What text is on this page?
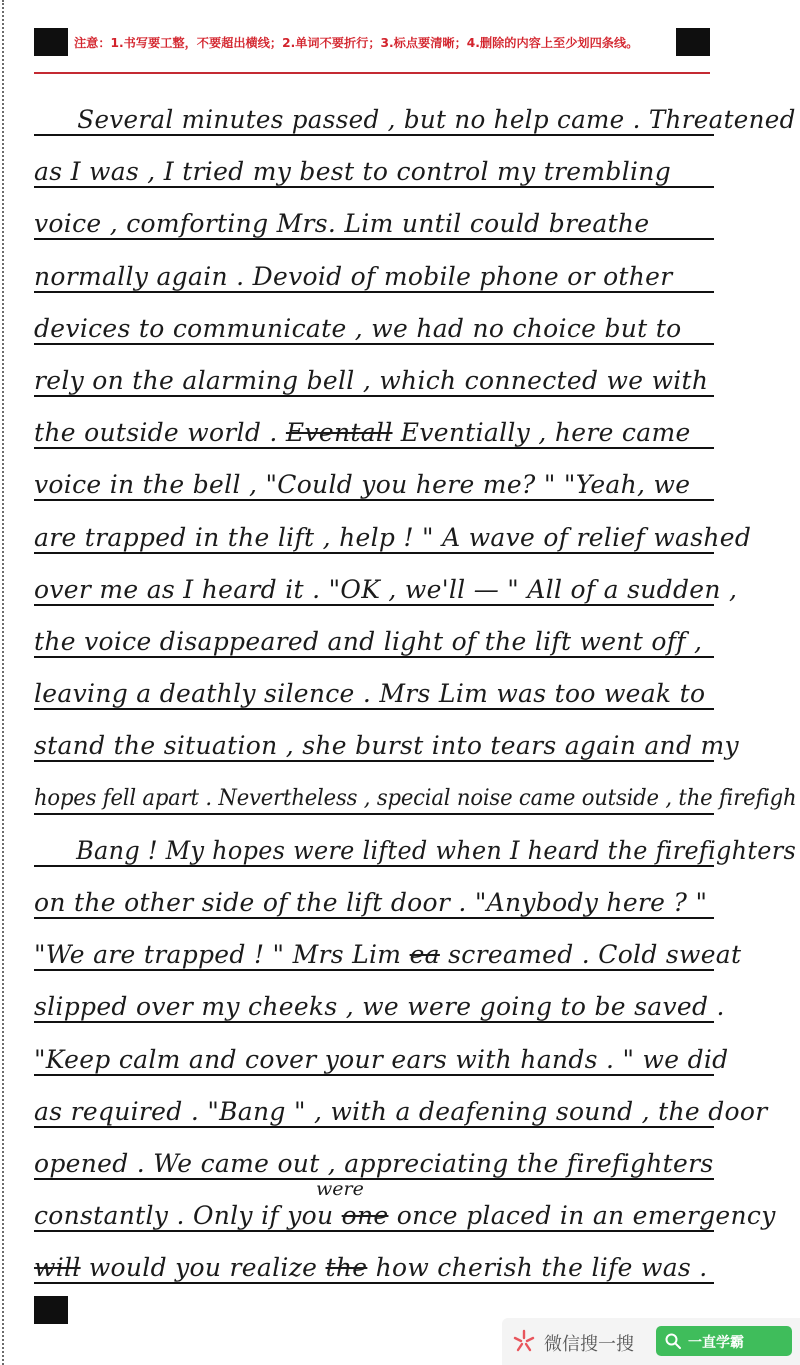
注意：1.书写要工整，不要超出横线；2.单词不要折行；3.标点要清晰；4.删除的内容上至少划四条线。
Several minutes passed , but no help came . Threatened
as I was , I tried my best to control my trembling
voice , comforting Mrs. Lim until could breathe
normally again . Devoid of mobile phone or other
devices to communicate , we had no choice but to
rely on the alarming bell , which connected we with
the outside world . Eventall Eventially , here came
voice in the bell , "Could you here me? " "Yeah, we
are trapped in the lift , help ! " A wave of relief washed
over me as I heard it . "OK , we'll — " All of a sudden ,
the voice disappeared and light of the lift went off ,
leaving a deathly silence . Mrs Lim was too weak to
stand the situation , she burst into tears again and my
hopes fell apart . Nevertheless , special noise came outside , the firefigh
Bang ! My hopes were lifted when I heard the firefighters
on the other side of the lift door . "Anybody here ? "
"We are trapped ! " Mrs Lim ea screamed . Cold sweat
slipped over my cheeks , we were going to be saved .
"Keep calm and cover your ears with hands . " we did
as required . "Bang " , with a deafening sound , the door
opened . We came out , appreciating the firefighters
constantly . Only if you one once placed in an emergency
will would you realize the how cherish the life was .
were
微信搜一搜	一直学霸
